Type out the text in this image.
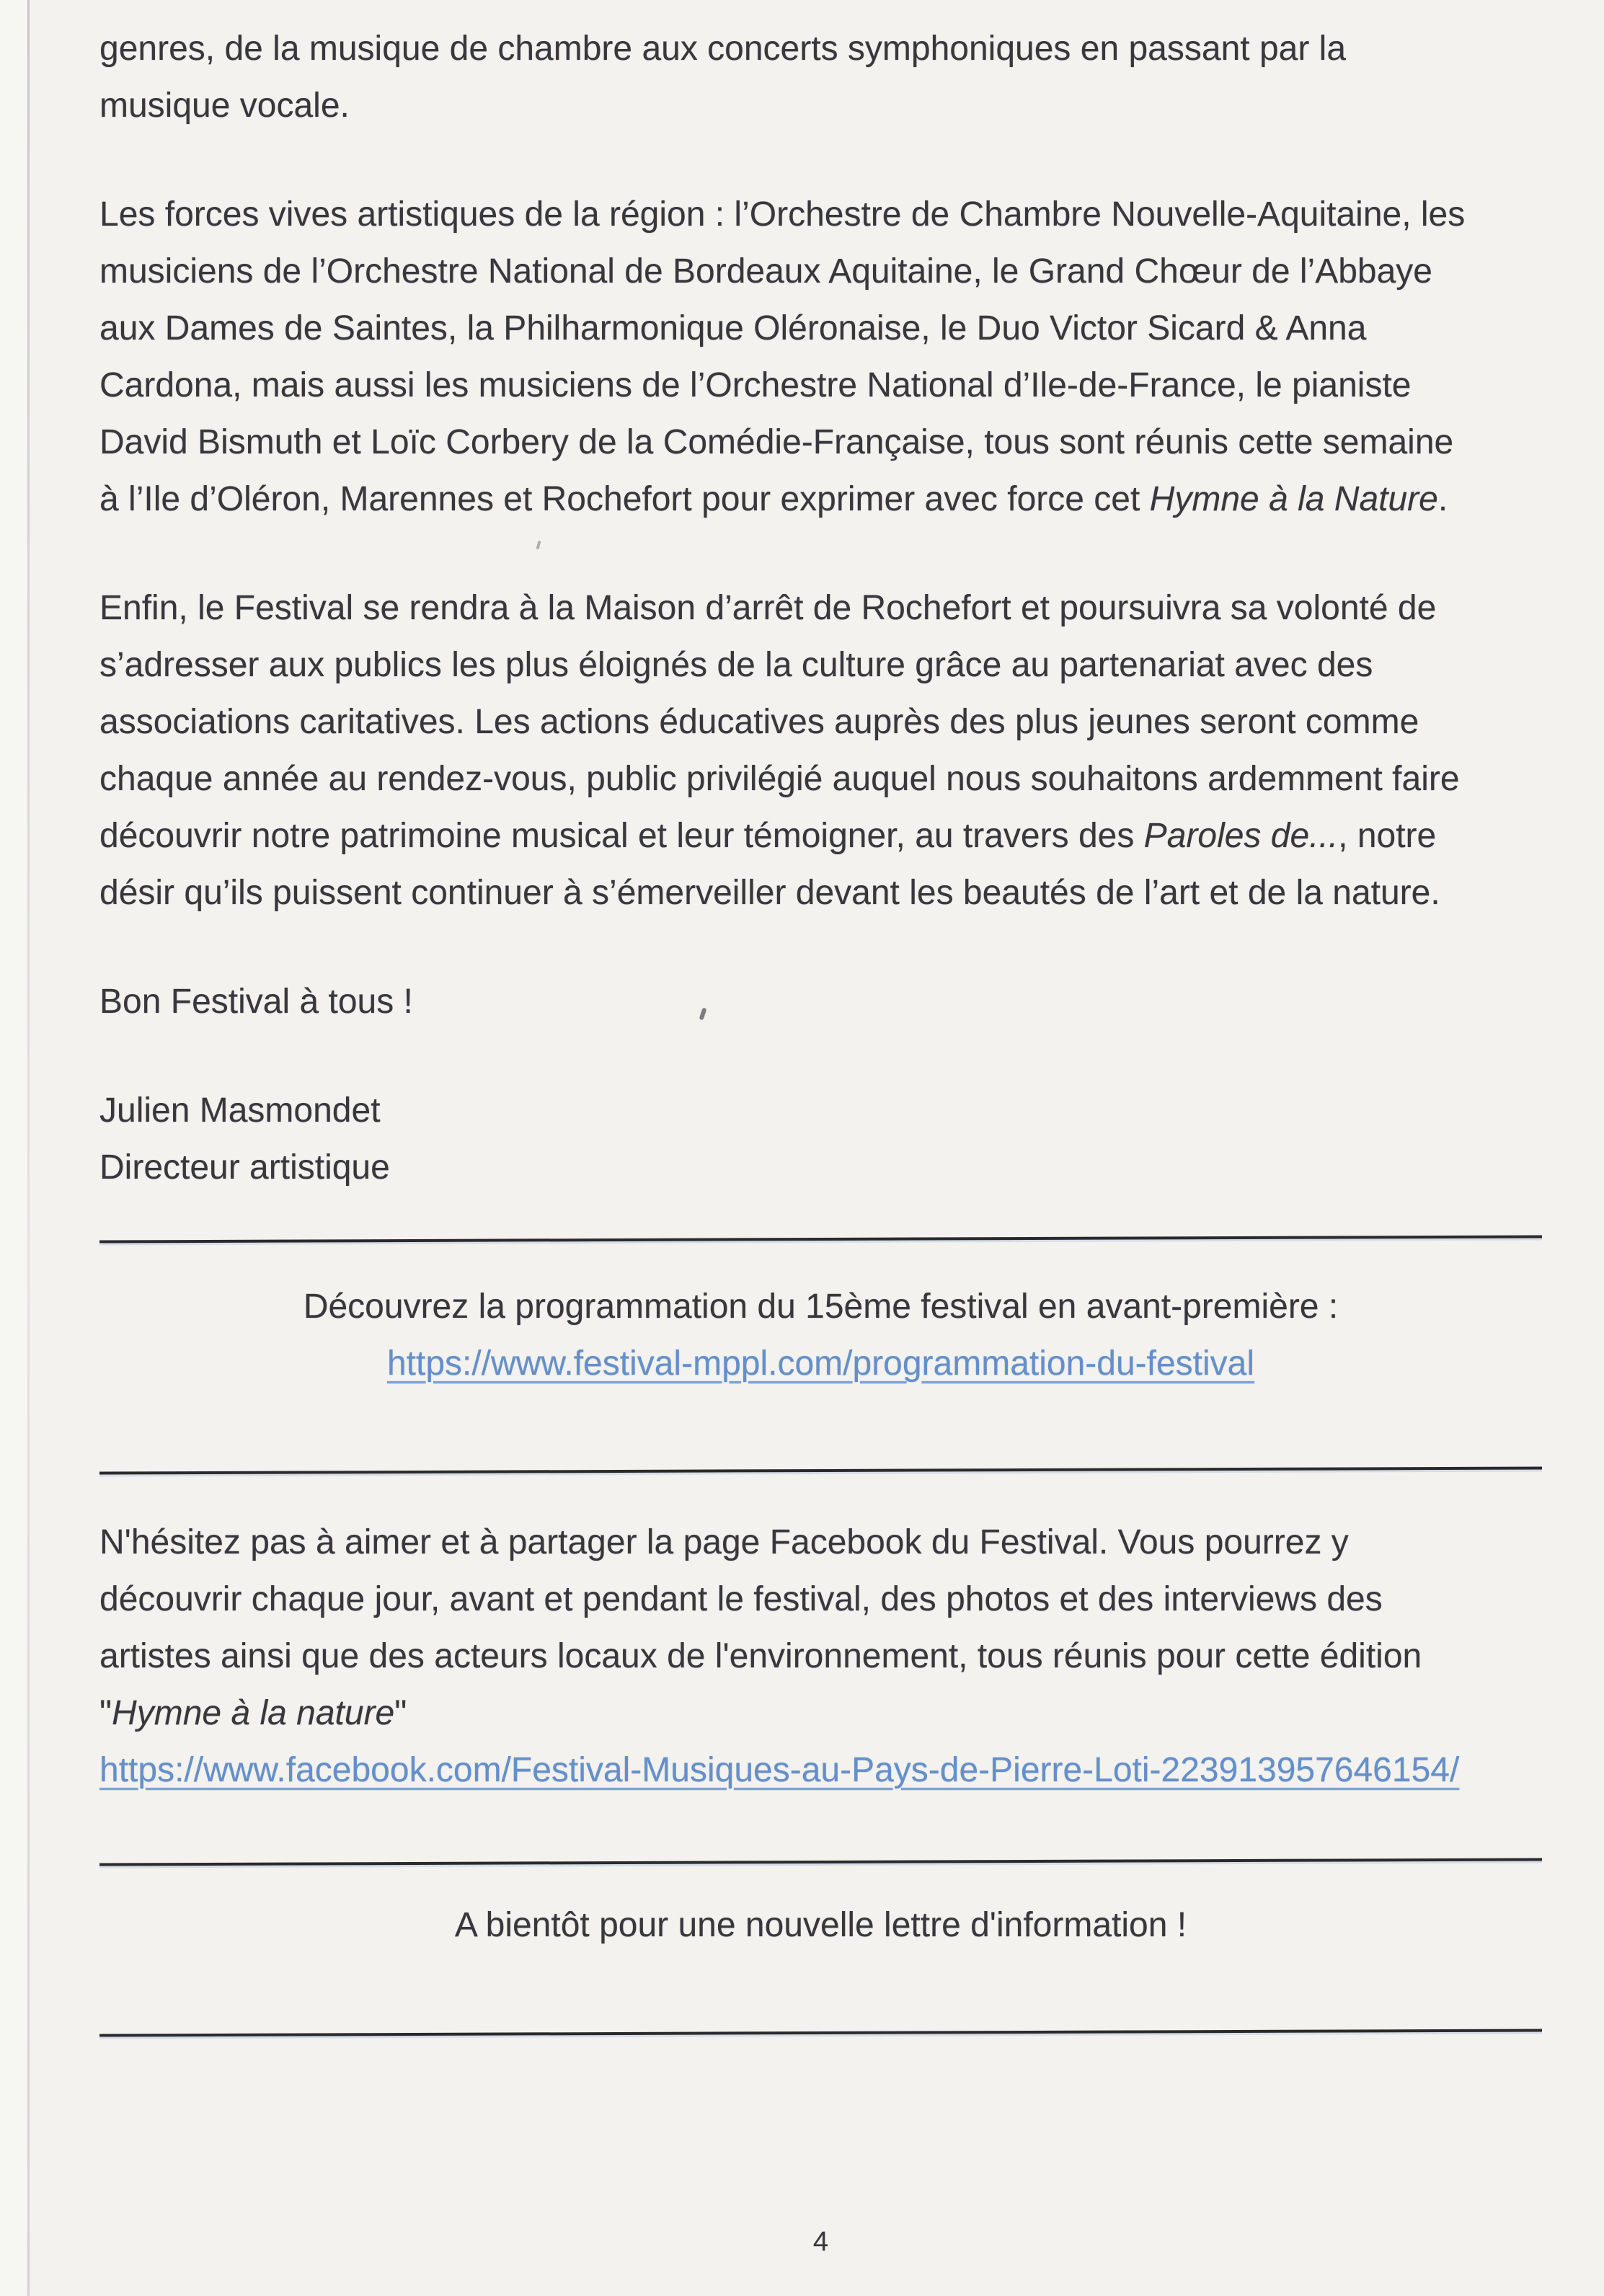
genres, de la musique de chambre aux concerts symphoniques en passant par la
musique vocale.
Les forces vives artistiques de la région : l’Orchestre de Chambre Nouvelle-Aquitaine, les
musiciens de l’Orchestre National de Bordeaux Aquitaine, le Grand Chœur de l’Abbaye
aux Dames de Saintes, la Philharmonique Oléronaise, le Duo Victor Sicard & Anna
Cardona, mais aussi les musiciens de l’Orchestre National d’Ile-de-France, le pianiste
David Bismuth et Loïc Corbery de la Comédie-Française, tous sont réunis cette semaine
à l’Ile d’Oléron, Marennes et Rochefort pour exprimer avec force cet Hymne à la Nature.
Enfin, le Festival se rendra à la Maison d’arrêt de Rochefort et poursuivra sa volonté de
s’adresser aux publics les plus éloignés de la culture grâce au partenariat avec des
associations caritatives. Les actions éducatives auprès des plus jeunes seront comme
chaque année au rendez-vous, public privilégié auquel nous souhaitons ardemment faire
découvrir notre patrimoine musical et leur témoigner, au travers des Paroles de..., notre
désir qu’ils puissent continuer à s’émerveiller devant les beautés de l’art et de la nature.
Bon Festival à tous !
Julien Masmondet
Directeur artistique
Découvrez la programmation du 15ème festival en avant-première :
https://www.festival-mppl.com/programmation-du-festival
N'hésitez pas à aimer et à partager la page Facebook du Festival. Vous pourrez y
découvrir chaque jour, avant et pendant le festival, des photos et des interviews des
artistes ainsi que des acteurs locaux de l'environnement, tous réunis pour cette édition
"Hymne à la nature"
https://www.facebook.com/Festival-Musiques-au-Pays-de-Pierre-Loti-223913957646154/
A bientôt pour une nouvelle lettre d'information !
4
